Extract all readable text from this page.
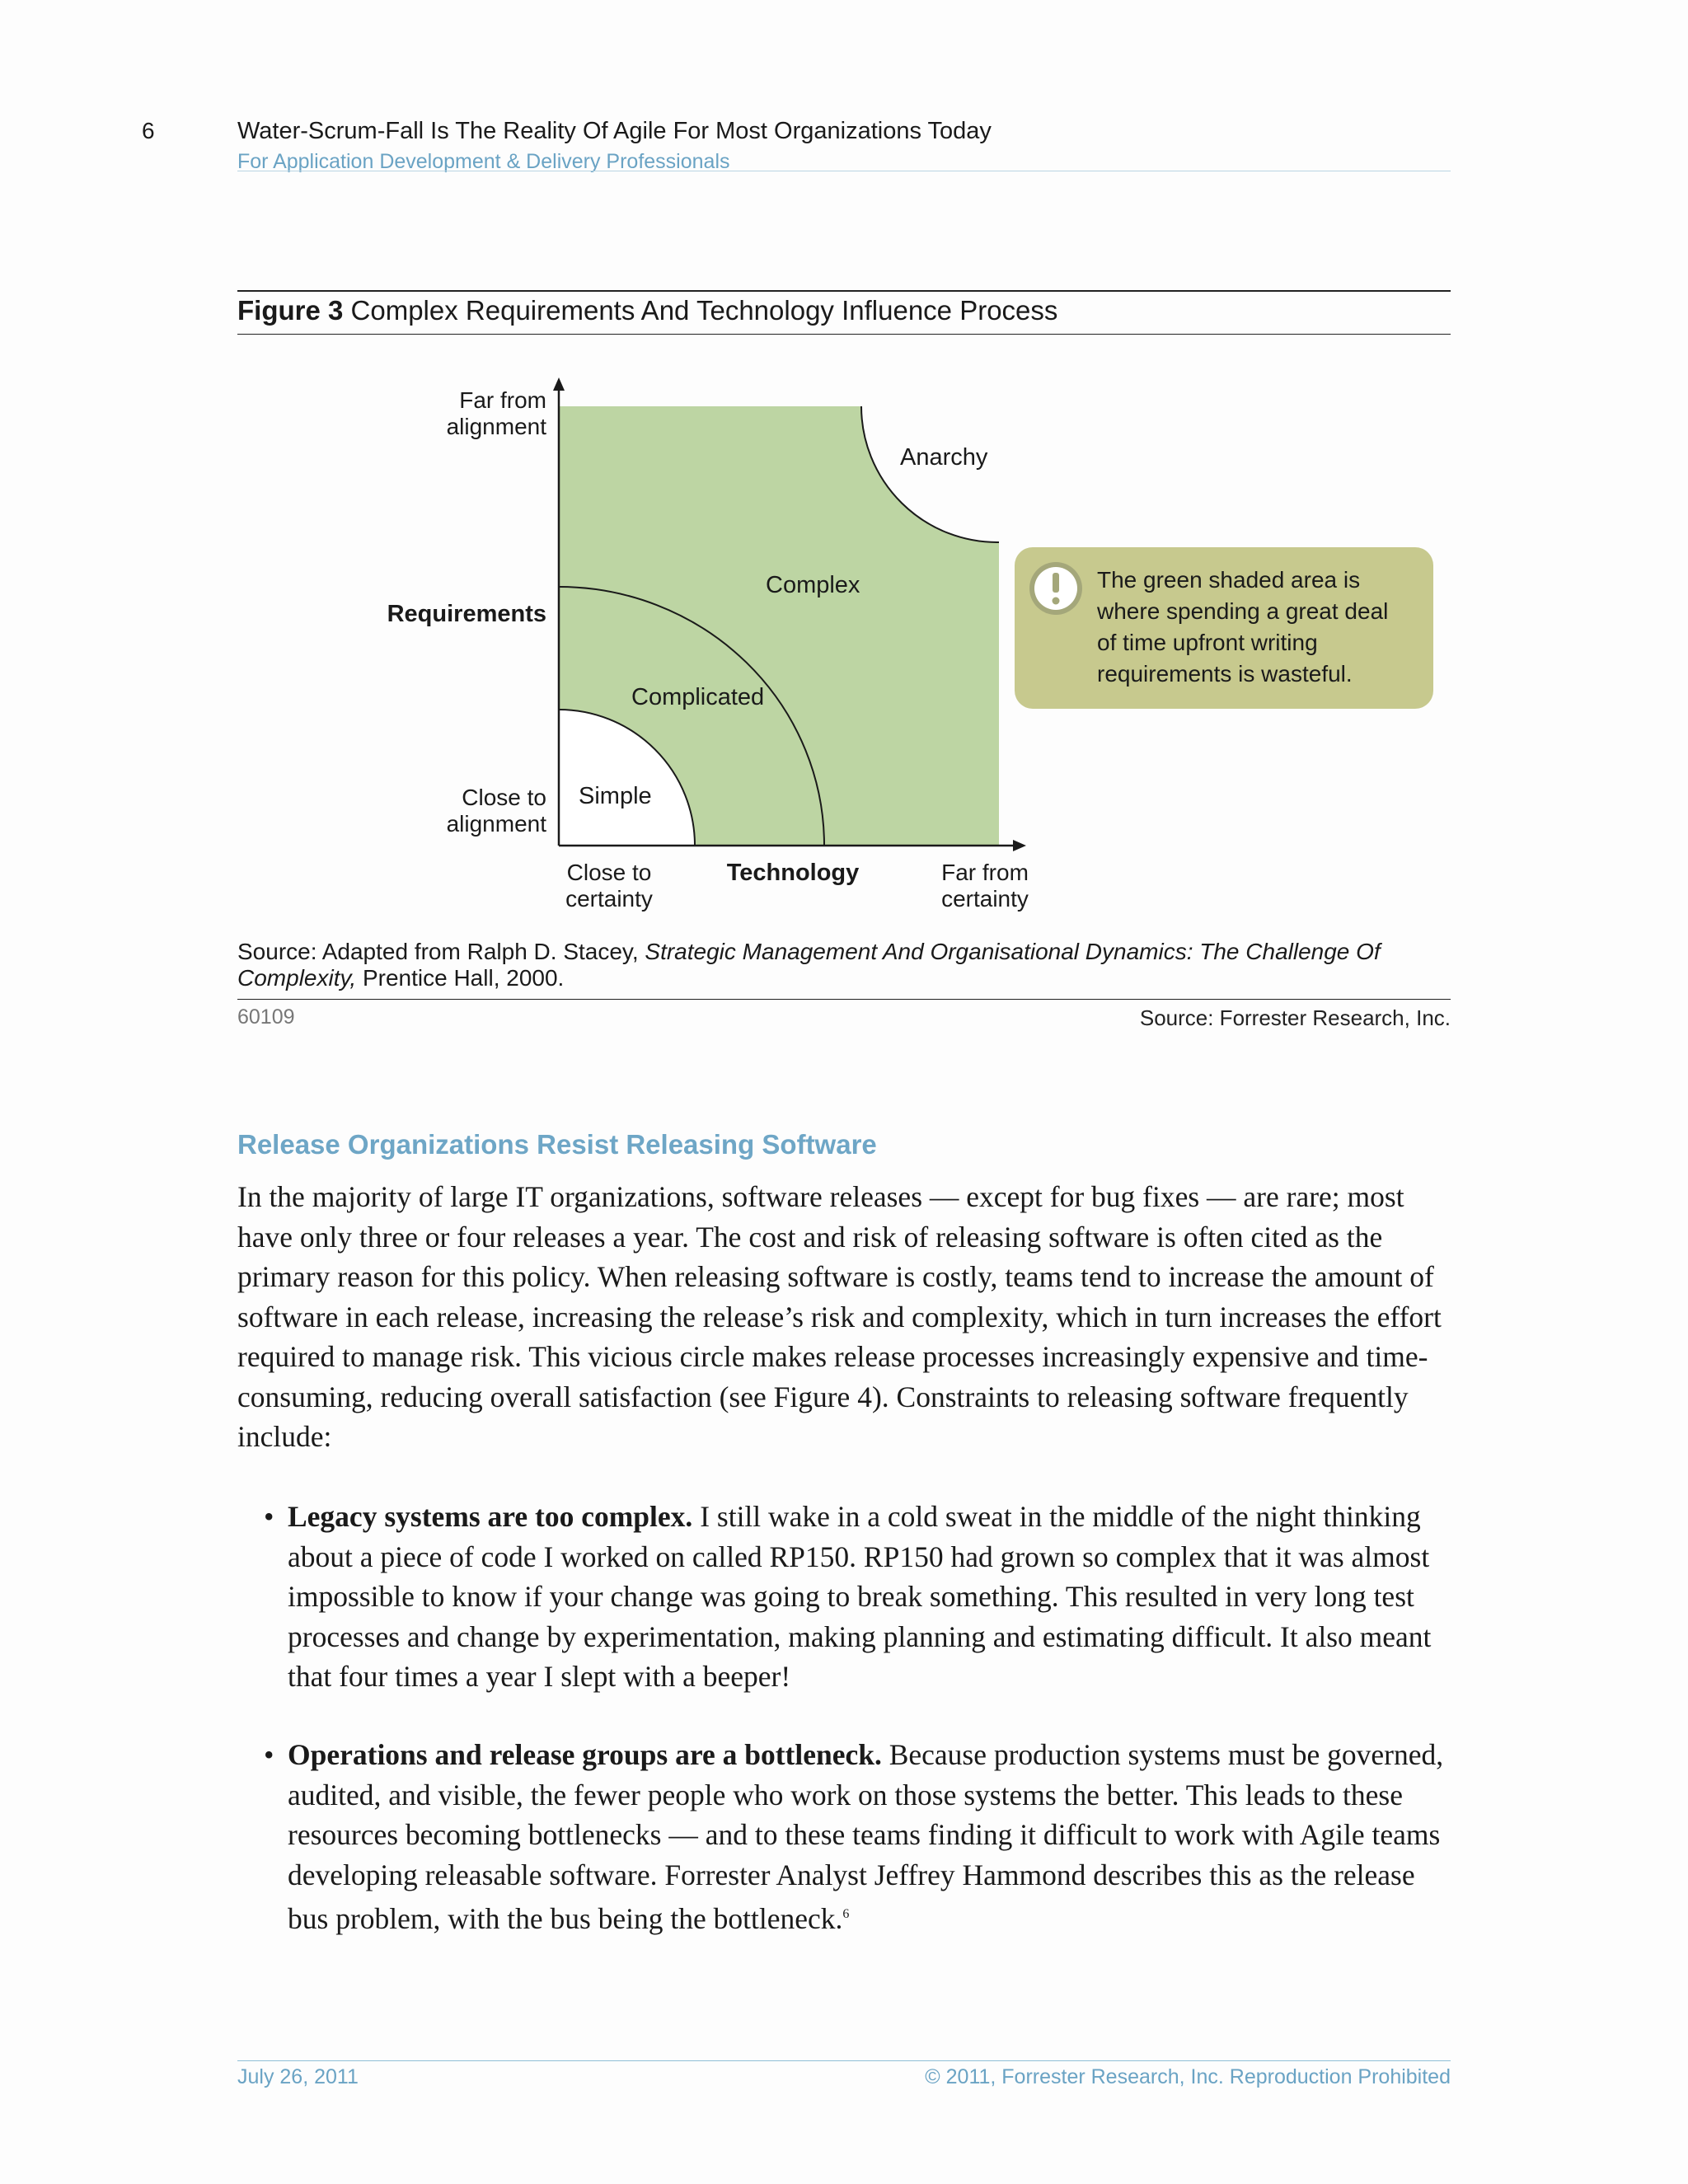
6	Water-Scrum-Fall Is The Reality Of Agile For Most Organizations Today
For Application Development & Delivery Professionals
Figure 3 Complex Requirements And Technology Influence Process
Simple
Complicated
Complex
Anarchy
Far from
alignment
Requirements
Close to
alignment
Close to
certainty
Technology	Far from
certainty
The green shaded area is
where spending a great deal
of time upfront writing
requirements is wasteful.
Source: Adapted from Ralph D. Stacey, Strategic Management And Organisational Dynamics: The Challenge Of Complexity, Prentice Hall, 2000.
60109	Source: Forrester Research, Inc.
Release Organizations Resist Releasing Software
In the majority of large IT organizations, software releases — except for bug fixes — are rare; most have only three or four releases a year. The cost and risk of releasing software is often cited as the primary reason for this policy. When releasing software is costly, teams tend to increase the amount of software in each release, increasing the release’s risk and complexity, which in turn increases the effort required to manage risk. This vicious circle makes release processes increasingly expensive and time-consuming, reducing overall satisfaction (see Figure 4). Constraints to releasing software frequently include:
• Legacy systems are too complex. I still wake in a cold sweat in the middle of the night thinking about a piece of code I worked on called RP150. RP150 had grown so complex that it was almost impossible to know if your change was going to break something. This resulted in very long test processes and change by experimentation, making planning and estimating difficult. It also meant that four times a year I slept with a beeper!
• Operations and release groups are a bottleneck. Because production systems must be governed, audited, and visible, the fewer people who work on those systems the better. This leads to these resources becoming bottlenecks — and to these teams finding it difficult to work with Agile teams developing releasable software. Forrester Analyst Jeffrey Hammond describes this as the release bus problem, with the bus being the bottleneck.$^6$
July 26, 2011	© 2011, Forrester Research, Inc. Reproduction Prohibited
